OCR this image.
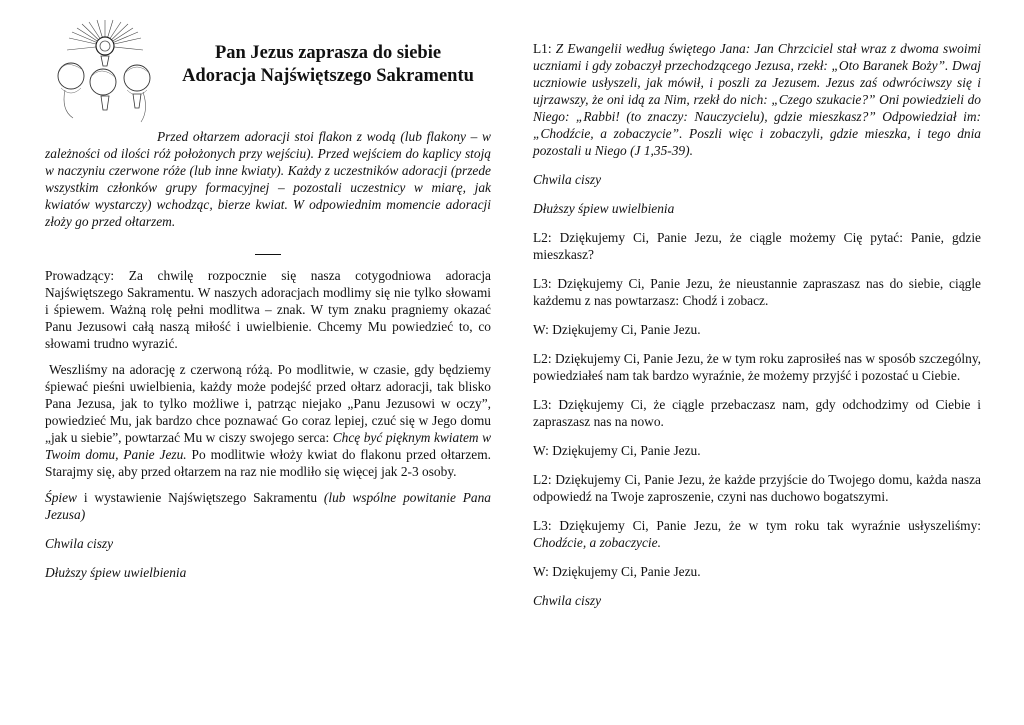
Pan Jezus zaprasza do siebie
Adoracja Najświętszego Sakramentu

Przed ołtarzem adoracji stoi flakon z wodą (lub flakony – w zależności od ilości róż położonych przy wejściu). Przed wejściem do kaplicy stoją w naczyniu czerwone róże (lub inne kwiaty). Każdy z uczestników adoracji (przede wszystkim członków grupy formacyjnej – pozostali uczestnicy w miarę, jak kwiatów wystarczy) wchodząc, bierze kwiat. W odpowiednim momencie adoracji złoży go przed ołtarzem.

Prowadzący: Za chwilę rozpocznie się nasza cotygodniowa adoracja Najświętszego Sakramentu. W naszych adoracjach modlimy się nie tylko słowami i śpiewem. Ważną rolę pełni modlitwa – znak. W tym znaku pragniemy okazać Panu Jezusowi całą naszą miłość i uwielbienie. Chcemy Mu powiedzieć to, co słowami trudno wyrazić.

Weszliśmy na adorację z czerwoną różą. Po modlitwie, w czasie, gdy będziemy śpiewać pieśni uwielbienia, każdy może podejść przed ołtarz adoracji, tak blisko Pana Jezusa, jak to tylko możliwe i, patrząc niejako „Panu Jezusowi w oczy”, powiedzieć Mu, jak bardzo chce poznawać Go coraz lepiej, czuć się w Jego domu „jak u siebie”, powtarzać Mu w ciszy swojego serca: Chcę być pięknym kwiatem w Twoim domu, Panie Jezu. Po modlitwie włoży kwiat do flakonu przed ołtarzem. Starajmy się, aby przed ołtarzem na raz nie modliło się więcej jak 2-3 osoby.

Śpiew i wystawienie Najświętszego Sakramentu (lub wspólne powitanie Pana Jezusa)

Chwila ciszy

Dłuższy śpiew uwielbienia

L1: Z Ewangelii według świętego Jana: Jan Chrzciciel stał wraz z dwoma swoimi uczniami i gdy zobaczył przechodzącego Jezusa, rzekł: „Oto Baranek Boży”. Dwaj uczniowie usłyszeli, jak mówił, i poszli za Jezusem. Jezus zaś odwróciwszy się i ujrzawszy, że oni idą za Nim, rzekł do nich: „Czego szukacie?” Oni powiedzieli do Niego: „Rabbi! (to znaczy: Nauczycielu), gdzie mieszkasz?” Odpowiedział im: „Chodźcie, a zobaczycie”. Poszli więc i zobaczyli, gdzie mieszka, i tego dnia pozostali u Niego (J 1,35-39).

Chwila ciszy

Dłuższy śpiew uwielbienia

L2: Dziękujemy Ci, Panie Jezu, że ciągle możemy Cię pytać: Panie, gdzie mieszkasz?

L3: Dziękujemy Ci, Panie Jezu, że nieustannie zapraszasz nas do siebie, ciągle każdemu z nas powtarzasz: Chodź i zobacz.

W: Dziękujemy Ci, Panie Jezu.

L2: Dziękujemy Ci, Panie Jezu, że w tym roku zaprosiłeś nas w sposób szczególny, powiedziałeś nam tak bardzo wyraźnie, że możemy przyjść i pozostać u Ciebie.

L3: Dziękujemy Ci, że ciągle przebaczasz nam, gdy odchodzimy od Ciebie i zapraszasz nas na nowo.

W: Dziękujemy Ci, Panie Jezu.

L2: Dziękujemy Ci, Panie Jezu, że każde przyjście do Twojego domu, każda nasza odpowiedź na Twoje zaproszenie, czyni nas duchowo bogatszymi.

L3: Dziękujemy Ci, Panie Jezu, że w tym roku tak wyraźnie usłyszeliśmy: Chodźcie, a zobaczycie.

W: Dziękujemy Ci, Panie Jezu.

Chwila ciszy
